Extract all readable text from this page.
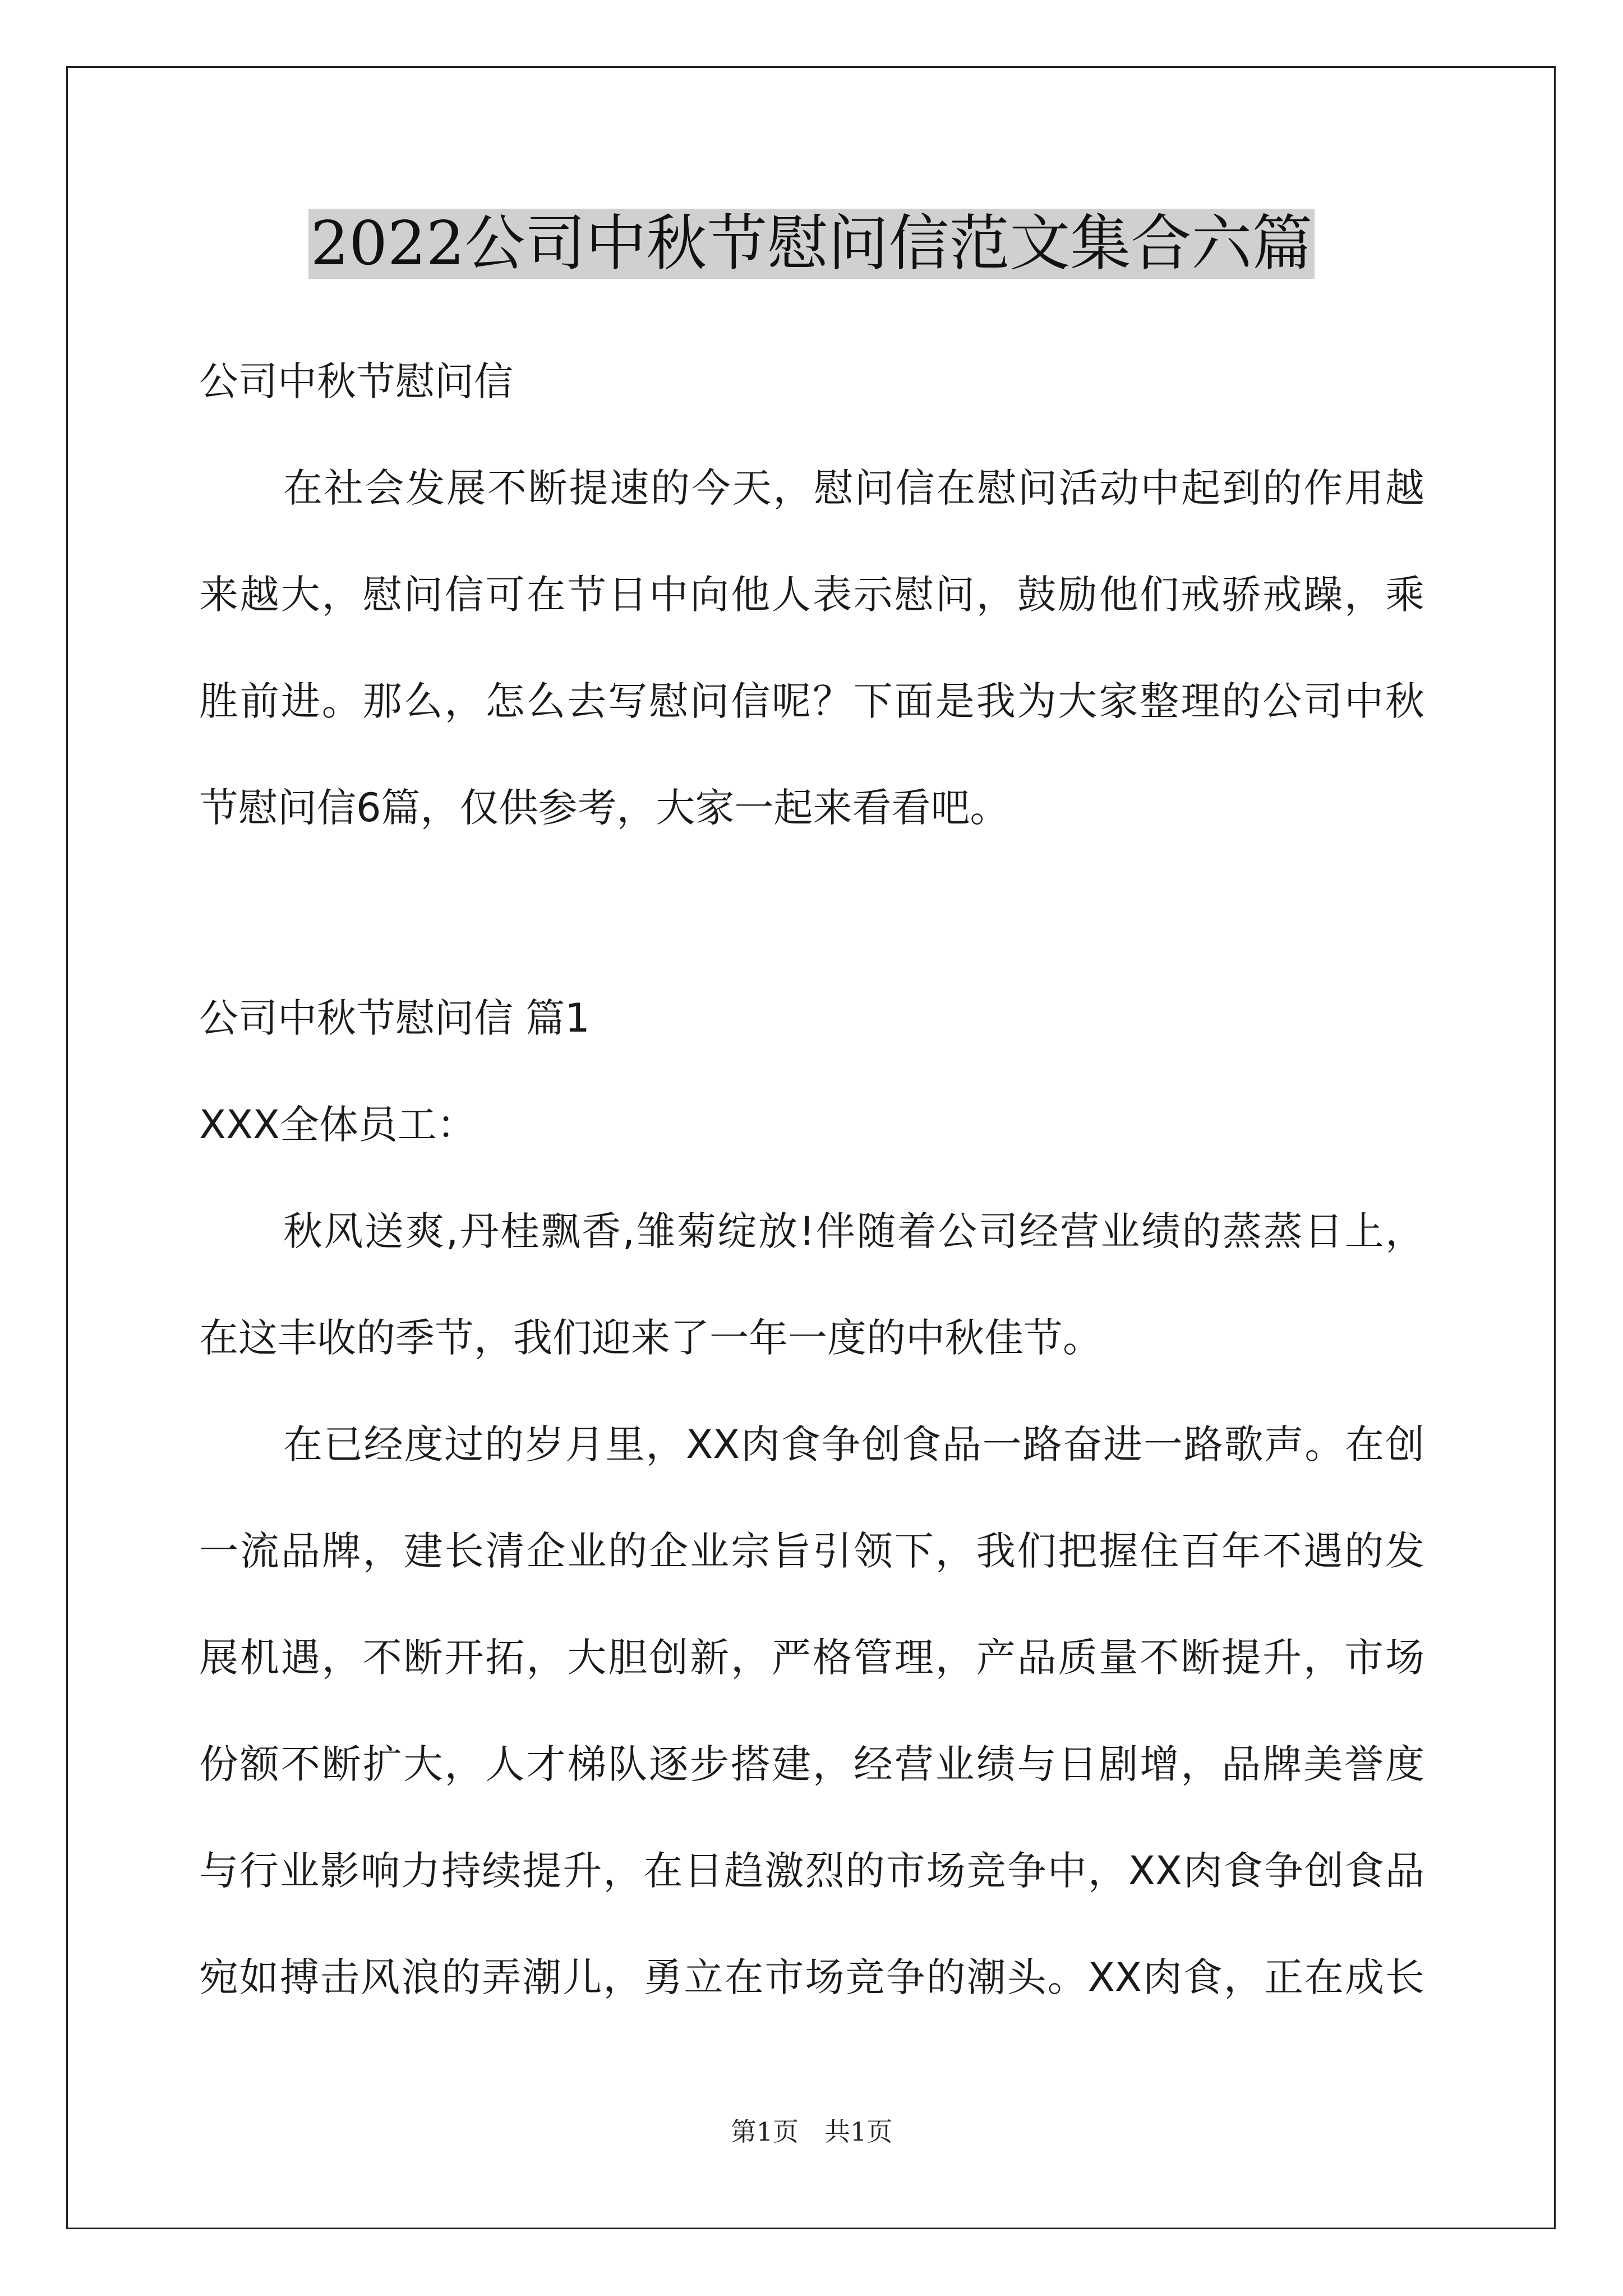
2022公司中秋节慰问信范文集合六篇
公司中秋节慰问信
在社会发展不断提速的今天，慰问信在慰问活动中起到的作用越
来越大，慰问信可在节日中向他人表示慰问，鼓励他们戒骄戒躁，乘
胜前进。那么，怎么去写慰问信呢？下面是我为大家整理的公司中秋
节慰问信6篇，仅供参考，大家一起来看看吧。
公司中秋节慰问信 篇1
XXX全体员工：
秋风送爽,丹桂飘香,雏菊绽放!伴随着公司经营业绩的蒸蒸日上，
在这丰收的季节，我们迎来了一年一度的中秋佳节。
在已经度过的岁月里，XX肉食争创食品一路奋进一路歌声。在创
一流品牌，建长清企业的企业宗旨引领下，我们把握住百年不遇的发
展机遇，不断开拓，大胆创新，严格管理，产品质量不断提升，市场
份额不断扩大，人才梯队逐步搭建，经营业绩与日剧增，品牌美誉度
与行业影响力持续提升，在日趋激烈的市场竞争中，XX肉食争创食品
宛如搏击风浪的弄潮儿，勇立在市场竞争的潮头。XX肉食，正在成长
第1页　共1页
